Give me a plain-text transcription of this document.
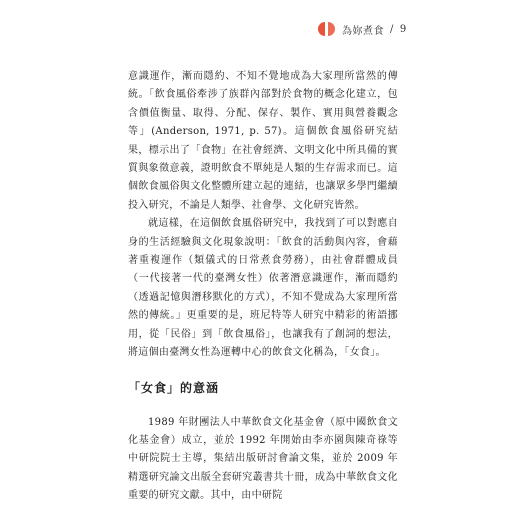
為妳煮食 / 9

意識運作，漸而隱約、不知不覺地成為大家理所當然的傳統。「飲食風俗牽涉了族群內部對於食物的概念化建立，包含價值衡量、取得、分配、保存、製作、實用與營養觀念等」(Anderson, 1971, p. 57)。這個飲食風俗研究結果，標示出了「食物」在社會經濟、文明文化中所具備的實質與象徵意義，證明飲食不單純是人類的生存需求而已。這個飲食風俗與文化整體所建立起的連結，也讓眾多學門繼續投入研究，不論是人類學、社會學、文化研究皆然。

就這樣，在這個飲食風俗研究中，我找到了可以對應自身的生活經驗與文化現象說明：「飲食的活動與內容，會藉著重複運作（類儀式的日常煮食勞務），由社會群體成員（一代接著一代的臺灣女性）依著潛意識運作，漸而隱約（透過記憶與潛移默化的方式），不知不覺成為大家理所當然的傳統。」更重要的是，班尼特等人研究中精彩的術語挪用，從「民俗」到「飲食風俗」，也讓我有了創詞的想法，將這個由臺灣女性為運轉中心的飲食文化稱為，「女食」。

「女食」的意涵

1989 年財團法人中華飲食文化基金會（原中國飲食文化基金會）成立，並於 1992 年開始由李亦園與陳奇祿等中研院院士主導，集結出版研討會論文集，並於 2009 年精選研究論文出版全套研究叢書共十冊，成為中華飲食文化重要的研究文獻。其中，由中研院
